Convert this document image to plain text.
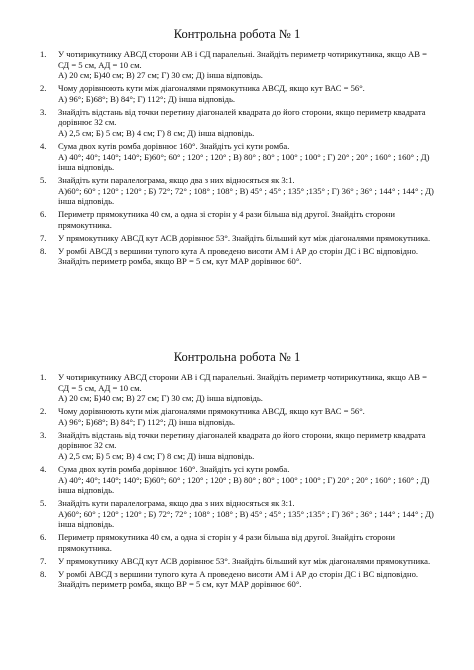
Контрольна робота № 1
1. У чотирикутнику АВСД сторони АВ і СД паралельні. Знайдіть периметр чотирикутника, якщо АВ = СД = 5 см, АД = 10 см.
А) 20 см; Б)40 см; В) 27 см; Г) 30 см; Д) інша відповідь.
2. Чому дорівнюють кути між діагоналями прямокутника АВСД, якщо кут ВАС = 56°.
А) 96°; Б)68°; В) 84°; Г) 112°; Д) інша відповідь.
3. Знайдіть відстань від точки перетину діагоналей квадрата до його сторони, якщо периметр квадрата дорівнює 32 см.
А) 2,5 см; Б) 5 см; В) 4 см; Г) 8 см; Д) інша відповідь.
4. Сума двох кутів ромба дорівнює 160°. Знайдіть усі кути ромба.
А) 40°; 40°; 140°; 140°; Б)60°; 60° ; 120° ; 120° ; В) 80° ; 80° ; 100° ; 100° ; Г) 20° ; 20° ; 160° ; 160° ; Д) інша відповідь.
5. Знайдіть кути паралелограма, якщо два з них відносяться як 3:1.
А)60°; 60° ; 120° ; 120° ; Б) 72°; 72° ; 108° ; 108° ; В) 45° ; 45° ; 135° ;135° ; Г) 36° ; 36° ; 144° ; 144° ; Д) інша відповідь.
6. Периметр прямокутника 40 см, а одна зі сторін у 4 рази більша від другої. Знайдіть сторони прямокутника.
7. У прямокутнику АВСД кут АСВ дорівнює 53°. Знайдіть більший кут між діагоналями прямокутника.
8. У ромбі АВСД з вершини тупого кута А проведено висоти АМ і АР до сторін ДС і ВС відповідно. Знайдіть периметр ромба, якщо ВР = 5 см, кут МАР дорівнює 60°.
Контрольна робота № 1
1. У чотирикутнику АВСД сторони АВ і СД паралельні. Знайдіть периметр чотирикутника, якщо АВ = СД = 5 см, АД = 10 см.
А) 20 см; Б)40 см; В) 27 см; Г) 30 см; Д) інша відповідь.
2. Чому дорівнюють кути між діагоналями прямокутника АВСД, якщо кут ВАС = 56°.
А) 96°; Б)68°; В) 84°; Г) 112°; Д) інша відповідь.
3. Знайдіть відстань від точки перетину діагоналей квадрата до його сторони, якщо периметр квадрата дорівнює 32 см.
А) 2,5 см; Б) 5 см; В) 4 см; Г) 8 см; Д) інша відповідь.
4. Сума двох кутів ромба дорівнює 160°. Знайдіть усі кути ромба.
А) 40°; 40°; 140°; 140°; Б)60°; 60° ; 120° ; 120° ; В) 80° ; 80° ; 100° ; 100° ; Г) 20° ; 20° ; 160° ; 160° ; Д) інша відповідь.
5. Знайдіть кути паралелограма, якщо два з них відносяться як 3:1.
А)60°; 60° ; 120° ; 120° ; Б) 72°; 72° ; 108° ; 108° ; В) 45° ; 45° ; 135° ;135° ; Г) 36° ; 36° ; 144° ; 144° ; Д) інша відповідь.
6. Периметр прямокутника 40 см, а одна зі сторін у 4 рази більша від другої. Знайдіть сторони прямокутника.
7. У прямокутнику АВСД кут АСВ дорівнює 53°. Знайдіть більший кут між діагоналями прямокутника.
8. У ромбі АВСД з вершини тупого кута А проведено висоти АМ і АР до сторін ДС і ВС відповідно. Знайдіть периметр ромба, якщо ВР = 5 см, кут МАР дорівнює 60°.
